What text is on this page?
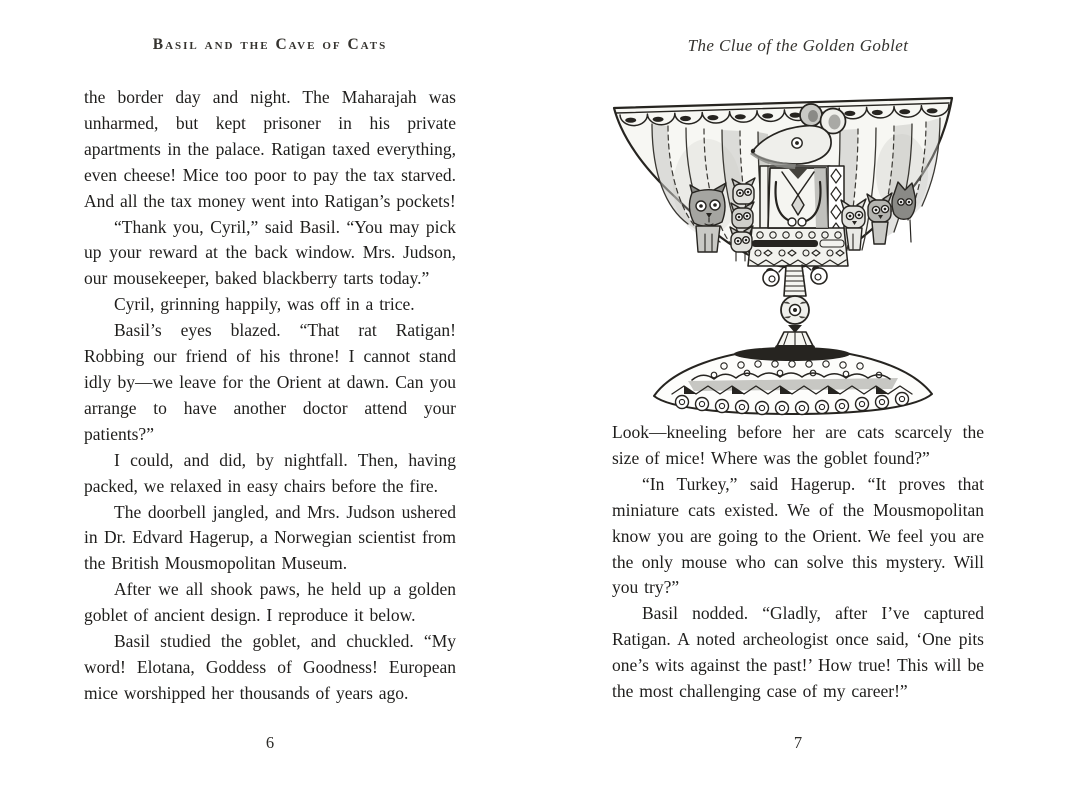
Basil and the Cave of Cats

the border day and night. The Maharajah was unharmed, but kept prisoner in his private apartments in the palace. Ratigan taxed everything, even cheese! Mice too poor to pay the tax starved. And all the tax money went into Ratigan’s pockets!

“Thank you, Cyril,” said Basil. “You may pick up your reward at the back window. Mrs. Judson, our mousekeeper, baked blackberry tarts today.”

Cyril, grinning happily, was off in a trice.

Basil’s eyes blazed. “That rat Ratigan! Robbing our friend of his throne! I cannot stand idly by—we leave for the Orient at dawn. Can you arrange to have another doctor attend your patients?”

I could, and did, by nightfall. Then, having packed, we relaxed in easy chairs before the fire.

The doorbell jangled, and Mrs. Judson ushered in Dr. Edvard Hagerup, a Norwegian scientist from the British Mousmopolitan Museum.

After we all shook paws, he held up a golden goblet of ancient design. I reproduce it below.

Basil studied the goblet, and chuckled. “My word! Elotana, Goddess of Goodness! European mice worshipped her thousands of years ago.

6
The Clue of the Golden Goblet

Look—kneeling before her are cats scarcely the size of mice! Where was the goblet found?”

“In Turkey,” said Hagerup. “It proves that miniature cats existed. We of the Mousmopolitan know you are going to the Orient. We feel you are the only mouse who can solve this mystery. Will you try?”

Basil nodded. “Gladly, after I’ve captured Ratigan. A noted archeologist once said, ‘One pits one’s wits against the past!’ How true! This will be the most challenging case of my career!”

7
